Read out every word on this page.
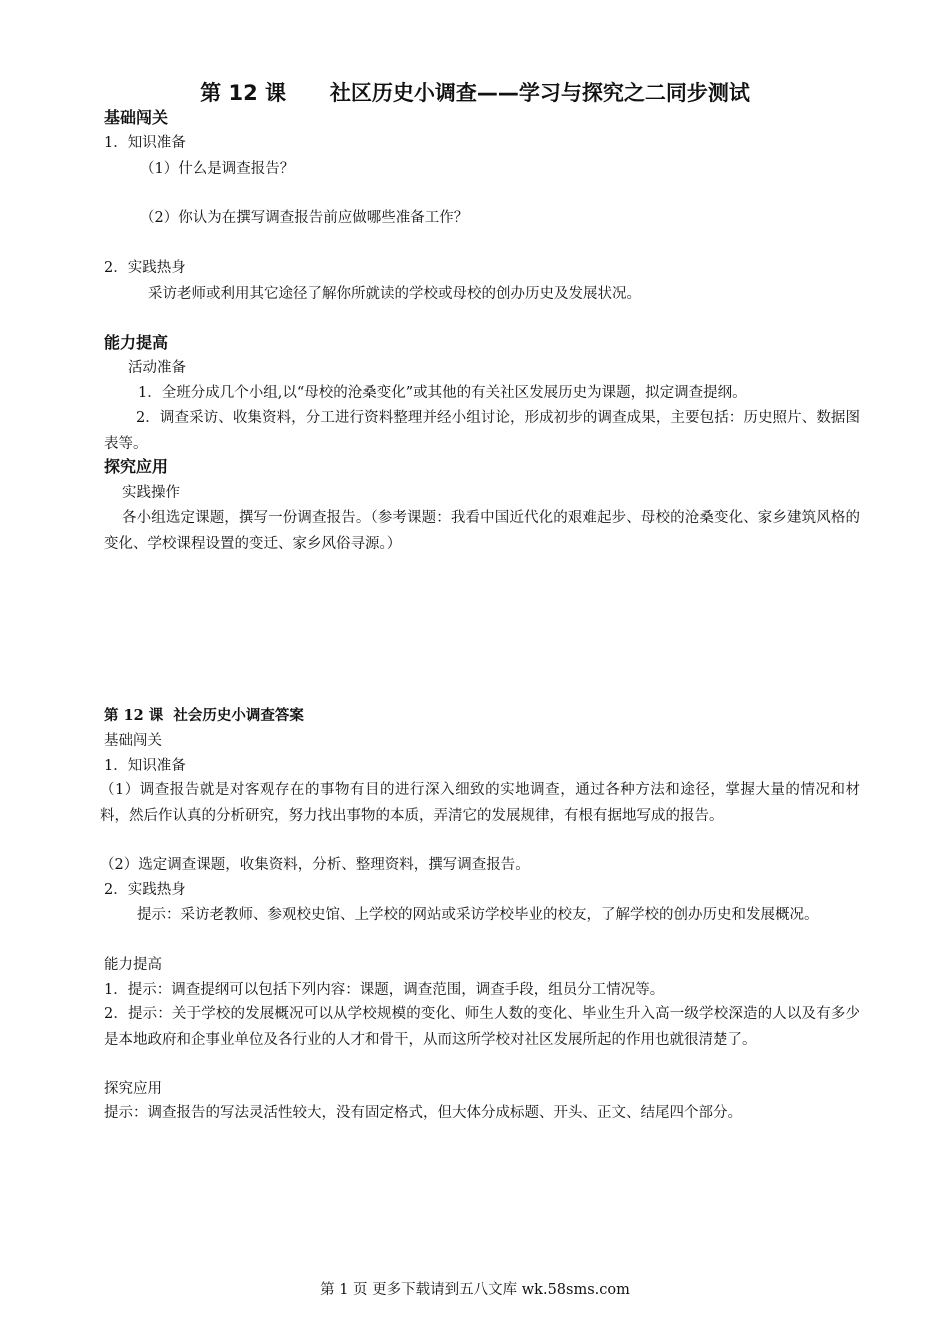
第 12 课      社区历史小调查——学习与探究之二同步测试
基础闯关
1．知识准备
（1）什么是调查报告？
（2）你认为在撰写调查报告前应做哪些准备工作？
2．实践热身
采访老师或利用其它途径了解你所就读的学校或母校的创办历史及发展状况。
能力提高
活动准备
1．全班分成几个小组,以“母校的沧桑变化”或其他的有关社区发展历史为课题，拟定调查提纲。
2．调查采访、收集资料，分工进行资料整理并经小组讨论，形成初步的调查成果，主要包括：历史照片、数据图表等。
探究应用
实践操作
各小组选定课题，撰写一份调查报告。（参考课题：我看中国近代化的艰难起步、母校的沧桑变化、家乡建筑风格的变化、学校课程设置的变迁、家乡风俗寻源。）
第 12 课  社会历史小调查答案
基础闯关
1．知识准备
（1）调查报告就是对客观存在的事物有目的进行深入细致的实地调查，通过各种方法和途径，掌握大量的情况和材料，然后作认真的分析研究，努力找出事物的本质，弄清它的发展规律，有根有据地写成的报告。
（2）选定调查课题，收集资料，分析、整理资料，撰写调查报告。
2．实践热身
提示：采访老教师、参观校史馆、上学校的网站或采访学校毕业的校友，了解学校的创办历史和发展概况。
能力提高
1．提示：调查提纲可以包括下列内容：课题，调查范围，调查手段，组员分工情况等。
2．提示：关于学校的发展概况可以从学校规模的变化、师生人数的变化、毕业生升入高一级学校深造的人以及有多少是本地政府和企事业单位及各行业的人才和骨干，从而这所学校对社区发展所起的作用也就很清楚了。
探究应用
提示：调查报告的写法灵活性较大，没有固定格式，但大体分成标题、开头、正文、结尾四个部分。
第 1 页 更多下载请到五八文库 wk.58sms.com
